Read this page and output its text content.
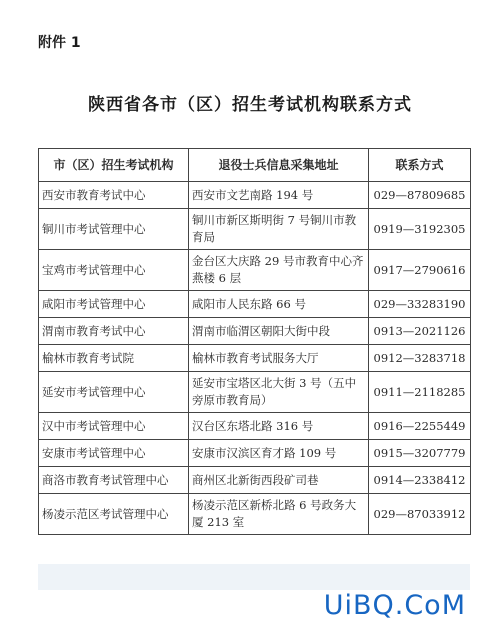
附件 1
陕西省各市（区）招生考试机构联系方式
市（区）招生考试机构	退役士兵信息采集地址	联系方式
西安市教育考试中心	西安市文艺南路 194 号	029—87809685
铜川市考试管理中心	铜川市新区斯明街 7 号铜川市教育局	0919—3192305
宝鸡市考试管理中心	金台区大庆路 29 号市教育中心齐燕楼 6 层	0917—2790616
咸阳市考试管理中心	咸阳市人民东路 66 号	029—33283190
渭南市教育考试中心	渭南市临渭区朝阳大街中段	0913—2021126
榆林市教育考试院	榆林市教育考试服务大厅	0912—3283718
延安市考试管理中心	延安市宝塔区北大街 3 号（五中旁原市教育局）	0911—2118285
汉中市考试管理中心	汉台区东塔北路 316 号	0916—2255449
安康市考试管理中心	安康市汉滨区育才路 109 号	0915—3207779
商洛市教育考试管理中心	商州区北新街西段矿司巷	0914—2338412
杨凌示范区考试管理中心	杨凌示范区新桥北路 6 号政务大厦 213 室	029—87033912
UiBQ.CoM
